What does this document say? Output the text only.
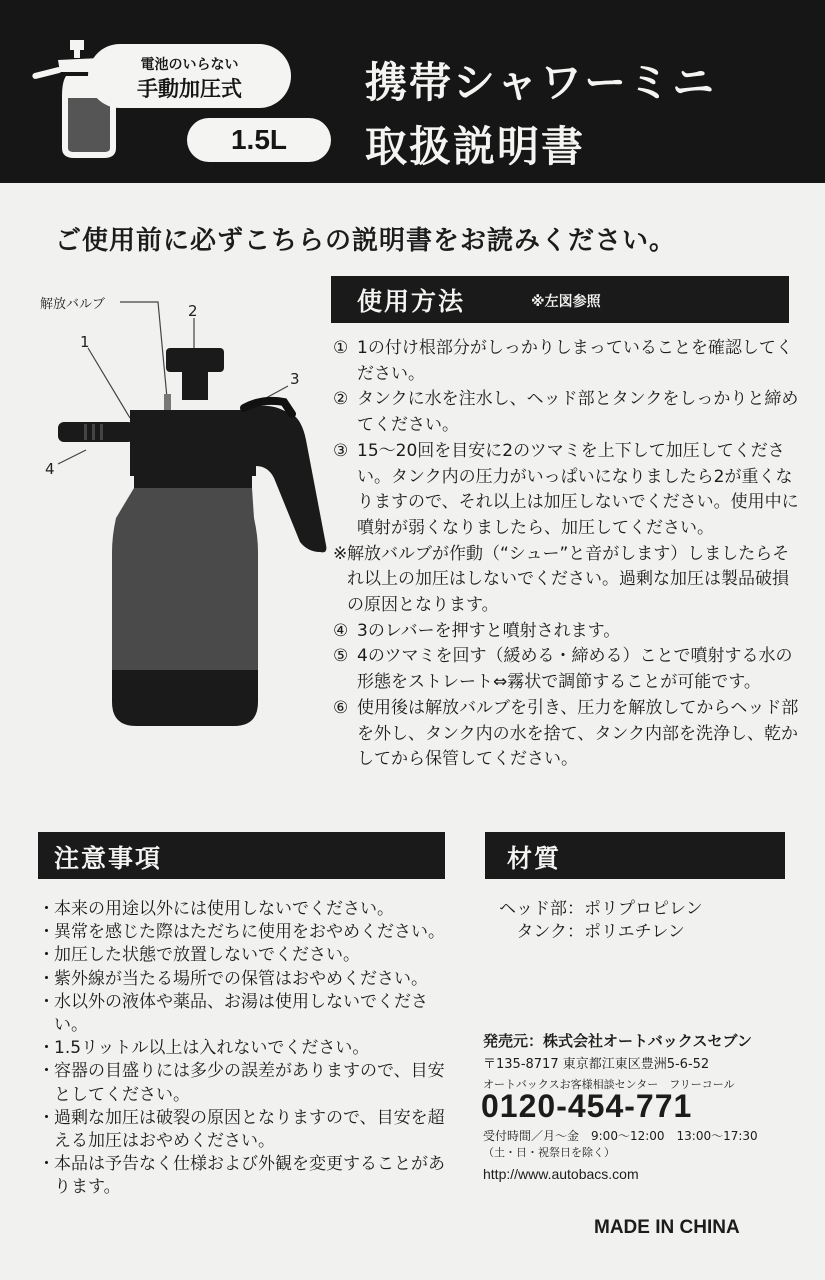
電池のいらない
手動加圧式
1.5L
携帯シャワーミニ
取扱説明書
ご使用前に必ずこちらの説明書をお読みください。
解放バルブ
1
2
3
4
使用方法	※左図参照
① 1の付け根部分がしっかりしまっていることを確認してください。
② タンクに水を注水し、ヘッド部とタンクをしっかりと締めてください。
③ 15～20回を目安に2のツマミを上下して加圧してください。タンク内の圧力がいっぱいになりましたら2が重くなりますので、それ以上は加圧しないでください。使用中に噴射が弱くなりましたら、加圧してください。
※ 解放バルブが作動（“シュー”と音がします）しましたらそれ以上の加圧はしないでください。過剰な加圧は製品破損の原因となります。
④ 3のレバーを押すと噴射されます。
⑤ 4のツマミを回す（緩める・締める）ことで噴射する水の形態をストレート⇔霧状で調節することが可能です。
⑥ 使用後は解放バルブを引き、圧力を解放してからヘッド部を外し、タンク内の水を捨て、タンク内部を洗浄し、乾かしてから保管してください。
注意事項
・ 本来の用途以外には使用しないでください。
・ 異常を感じた際はただちに使用をおやめください。
・ 加圧した状態で放置しないでください。
・ 紫外線が当たる場所での保管はおやめください。
・ 水以外の液体や薬品、お湯は使用しないでください。
・ 1.5リットル以上は入れないでください。
・ 容器の目盛りには多少の誤差がありますので、目安としてください。
・ 過剰な加圧は破裂の原因となりますので、目安を超える加圧はおやめください。
・ 本品は予告なく仕様および外観を変更することがあります。
材質
ヘッド部：ポリプロピレン
タンク：ポリエチレン
発売元：株式会社オートバックスセブン
〒135-8717 東京都江東区豊洲5-6-52
オートバックスお客様相談センター　フリーコール
0120-454-771
受付時間／月～金　9:00～12:00　13:00～17:30
（土・日・祝祭日を除く）
http://www.autobacs.com
MADE IN CHINA
